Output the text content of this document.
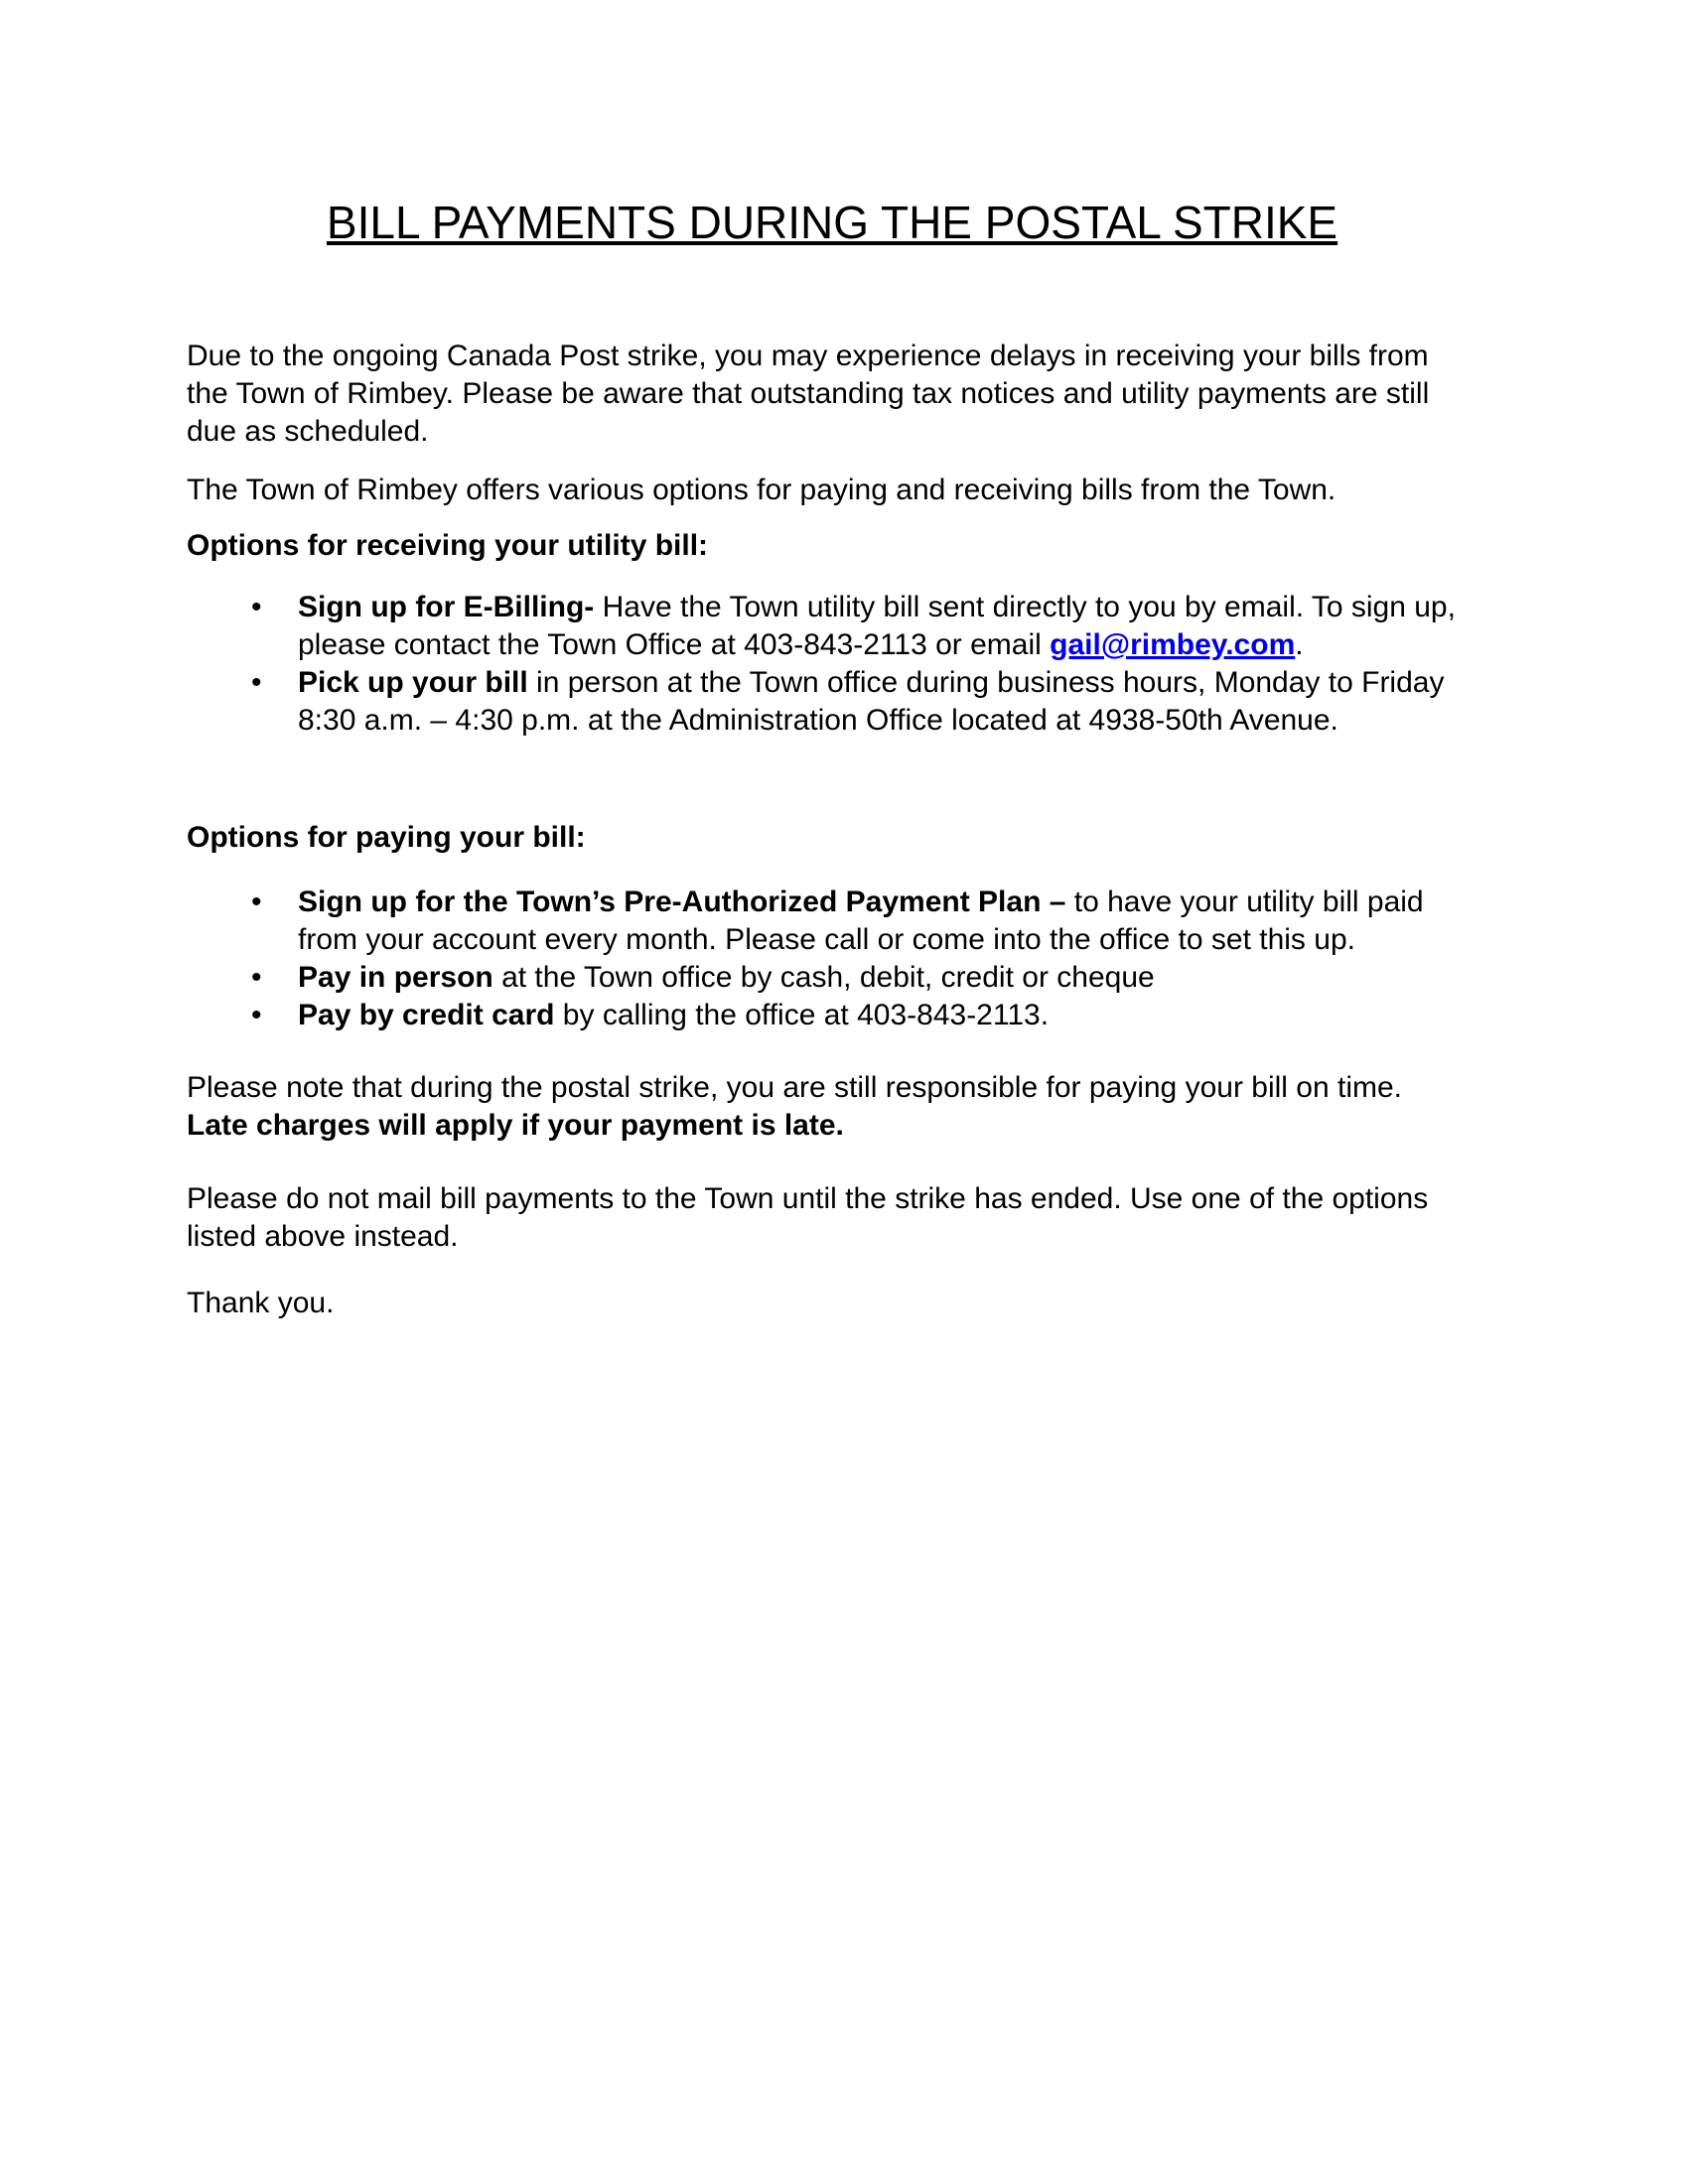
BILL PAYMENTS DURING THE POSTAL STRIKE

Due to the ongoing Canada Post strike, you may experience delays in receiving your bills from the Town of Rimbey. Please be aware that outstanding tax notices and utility payments are still due as scheduled.

The Town of Rimbey offers various options for paying and receiving bills from the Town.

Options for receiving your utility bill:

• Sign up for E-Billing- Have the Town utility bill sent directly to you by email. To sign up, please contact the Town Office at 403-843-2113 or email gail@rimbey.com.
• Pick up your bill in person at the Town office during business hours, Monday to Friday 8:30 a.m. – 4:30 p.m. at the Administration Office located at 4938-50th Avenue.

Options for paying your bill:

• Sign up for the Town’s Pre-Authorized Payment Plan – to have your utility bill paid from your account every month. Please call or come into the office to set this up.
• Pay in person at the Town office by cash, debit, credit or cheque
• Pay by credit card by calling the office at 403-843-2113.

Please note that during the postal strike, you are still responsible for paying your bill on time.
Late charges will apply if your payment is late.

Please do not mail bill payments to the Town until the strike has ended. Use one of the options listed above instead.

Thank you.
